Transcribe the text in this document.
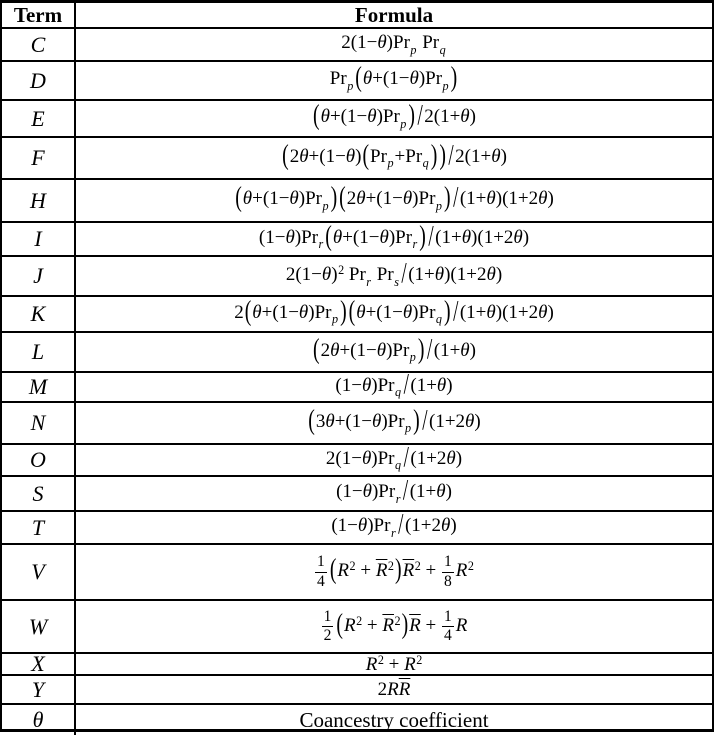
Term	Formula
C	$2(1-\theta)Pr_p$ $Pr_q$
D	$Pr_p$ ($\theta+(1-\theta)Pr_p$ )
E	($\theta+(1-\theta)Pr_p$ ) /2(1+θ)
F	($2\theta+(1-\theta)(Pr_p+Pr_q$ ) ) /2(1+θ)
H	($\theta+(1-\theta)Pr_p$ ) ($2\theta+(1-\theta)Pr_p$ ) /(1+θ)(1+2θ)
I	$(1-\theta)Pr_r$ ($\theta+(1-\theta)Pr_r$ ) /(1+θ)(1+2θ)
J	$2(1-\theta)^2$ $Pr_r$ $Pr_s$ /(1+θ)(1+2θ)
K	$2(\theta+(1-\theta)Pr_p$ ) ($\theta+(1-\theta)Pr_q$ ) /(1+θ)(1+2θ)
L	($2\theta+(1-\theta)Pr_p$ ) /(1+θ)
M	$(1-\theta)Pr_q$ /(1+θ)
N	($3\theta+(1-\theta)Pr_p$ ) /(1+2θ)
O	$2(1-\theta)Pr_q$ /(1+2θ)
S	$(1-\theta)Pr_r$ /(1+θ)
T	$(1-\theta)Pr_r$ /(1+2θ)
V	$\frac{1}{4} (R^2 + \overline{R}^2)\overline{R}^2 + \frac{1}{8} R^2$
W	$\frac{1}{2} (R^2 + \overline{R}^2)\overline{R} + \frac{1}{4}$ R
X	$R^2 + \overline{R}^2$
Y	$2R\overline{R}$
θ	Coancestry coefficient
